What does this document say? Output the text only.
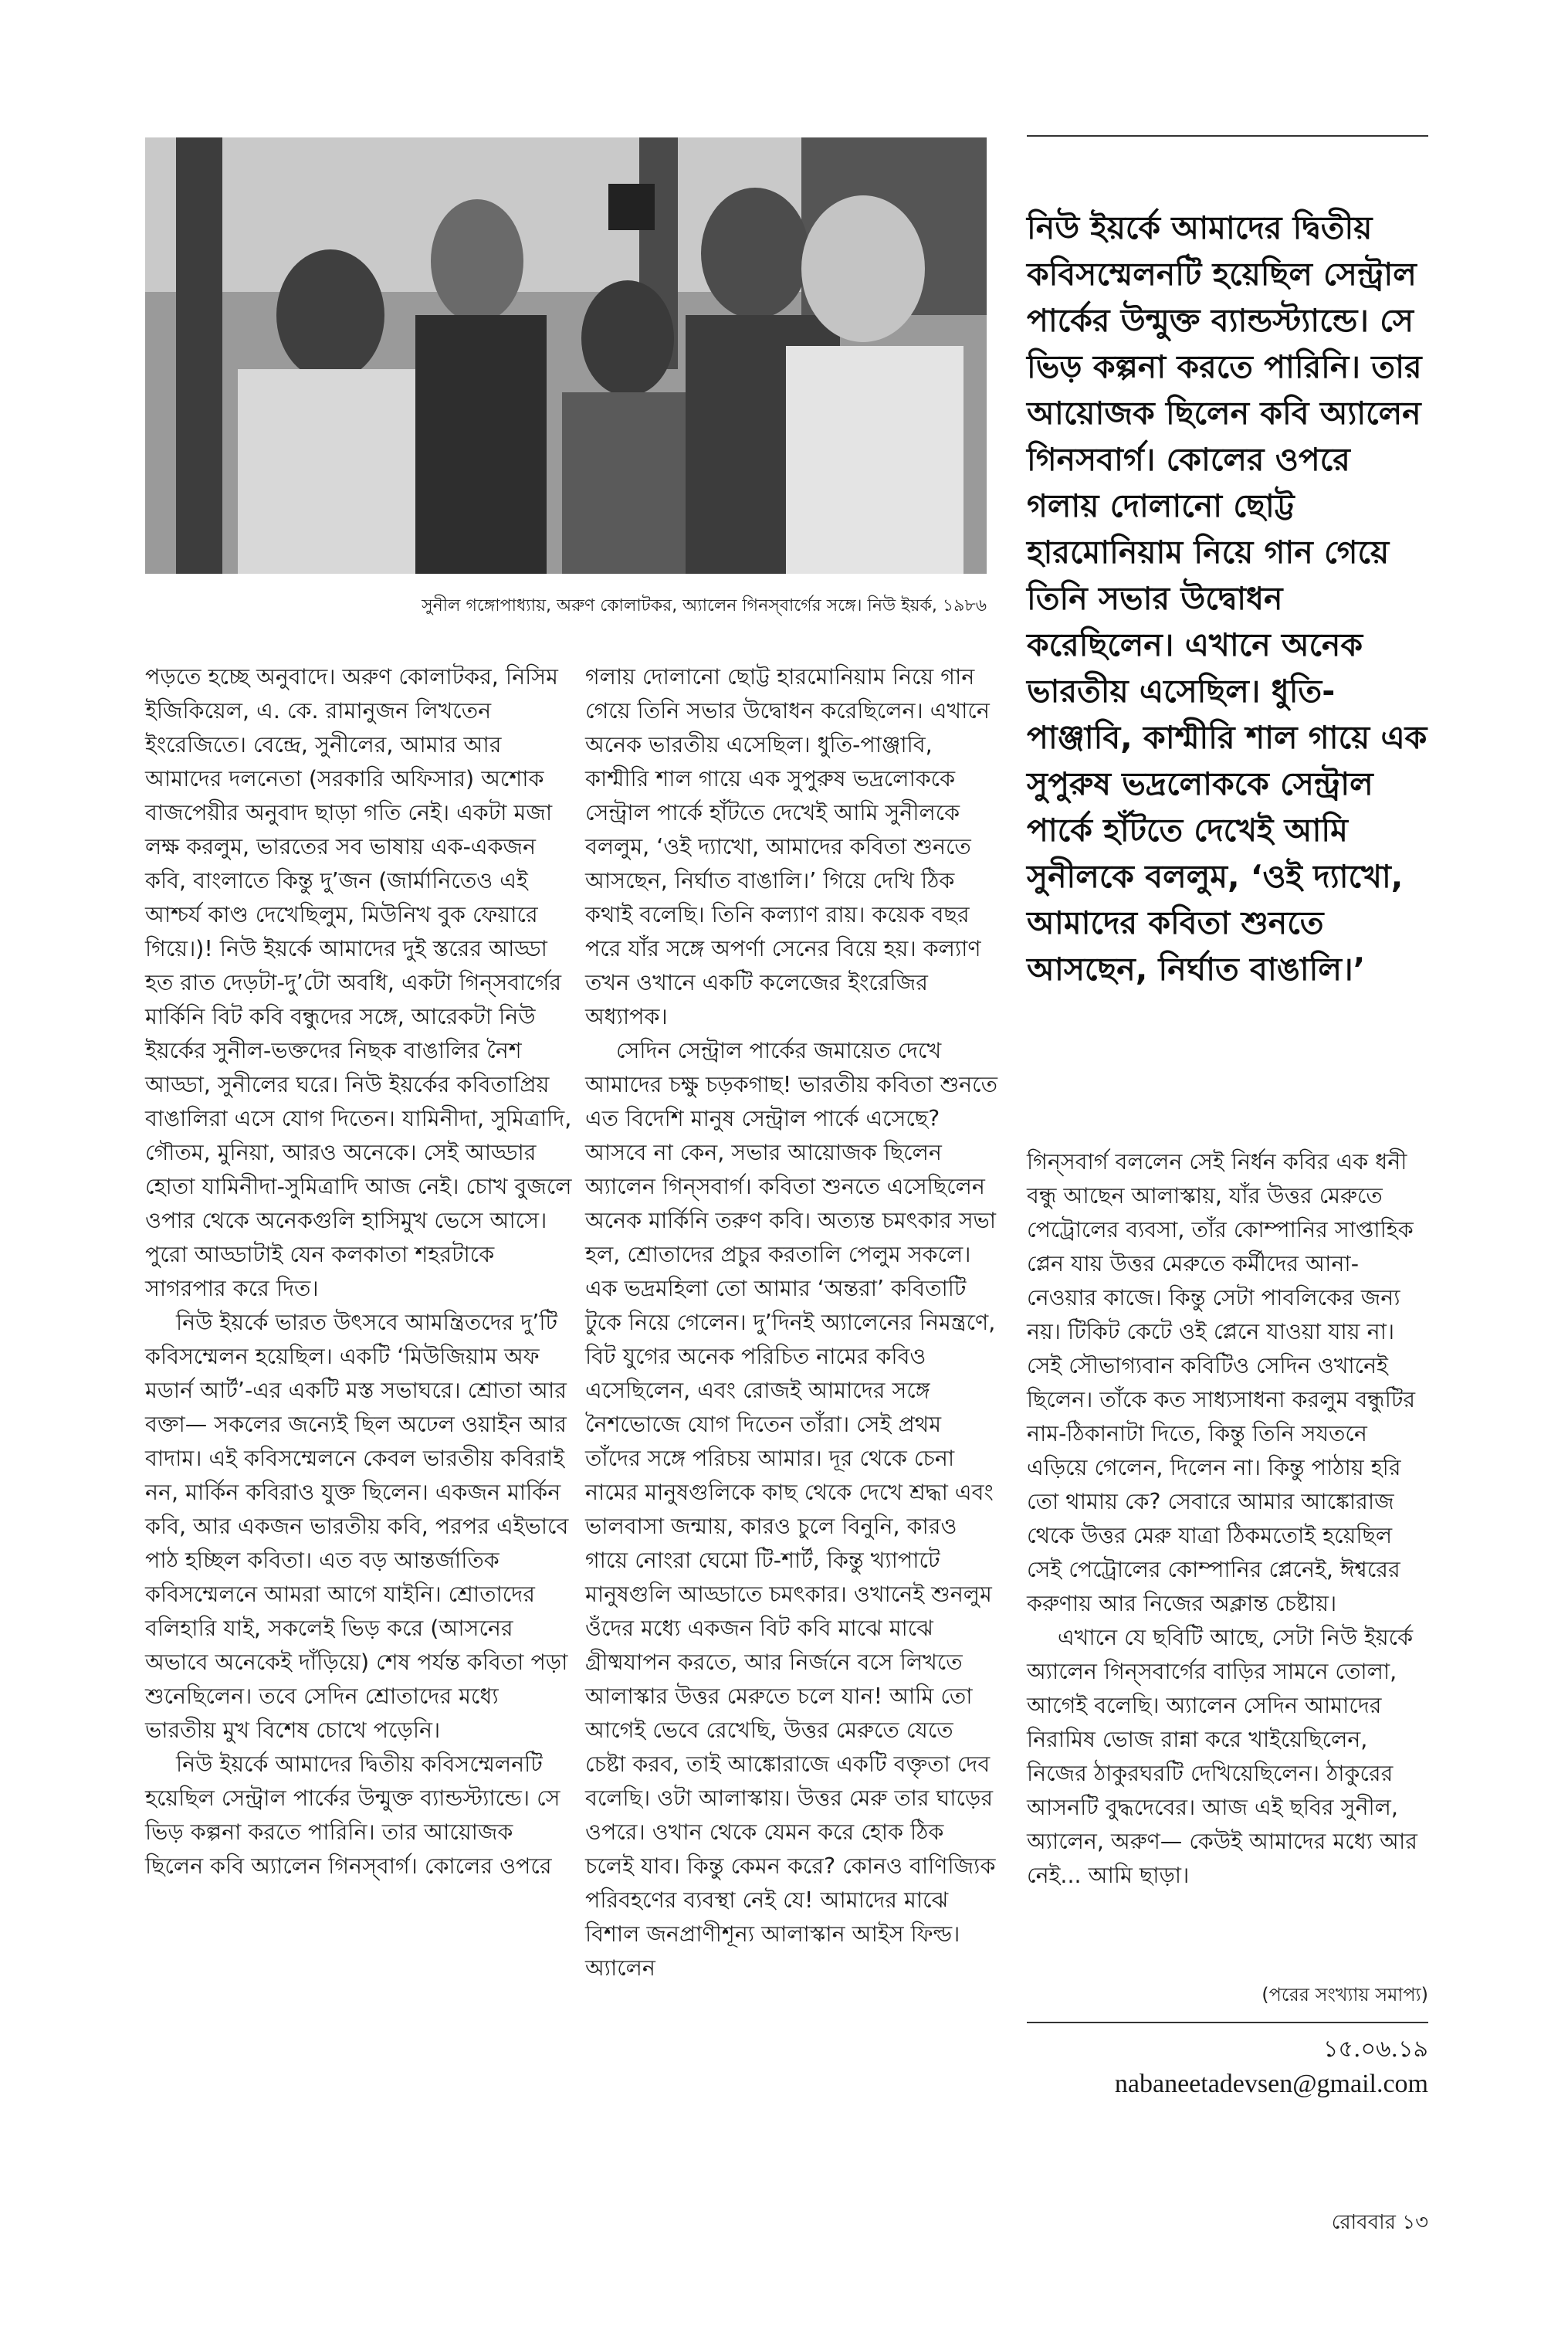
সুনীল গঙ্গোপাধ্যায়, অরুণ কোলাটকর, অ্যালেন গিনস্‌বার্গের সঙ্গে। নিউ ইয়র্ক, ১৯৮৬
নিউ ইয়র্কে আমাদের দ্বিতীয় কবিসম্মেলনটি হয়েছিল সেন্ট্রাল পার্কের উন্মুক্ত ব্যান্ডস্ট্যান্ডে। সে ভিড় কল্পনা করতে পারিনি। তার আয়োজক ছিলেন কবি অ্যালেন গিনসবার্গ। কোলের ওপরে গলায় দোলানো ছোট্ট হারমোনিয়াম নিয়ে গান গেয়ে তিনি সভার উদ্বোধন করেছিলেন। এখানে অনেক ভারতীয় এসেছিল। ধুতি-পাঞ্জাবি, কাশ্মীরি শাল গায়ে এক সুপুরুষ ভদ্রলোককে সেন্ট্রাল পার্কে হাঁটতে দেখেই আমি সুনীলকে বললুম, ‘ওই দ্যাখো, আমাদের কবিতা শুনতে আসছেন, নির্ঘাত বাঙালি।’

পড়তে হচ্ছে অনুবাদে। অরুণ কোলাটকর, নিসিম ইজিকিয়েল, এ. কে. রামানুজন লিখতেন ইংরেজিতে। বেন্দ্রে, সুনীলের, আমার আর আমাদের দলনেতা (সরকারি অফিসার) অশোক বাজপেয়ীর অনুবাদ ছাড়া গতি নেই। একটা মজা লক্ষ করলুম, ভারতের সব ভাষায় এক-একজন কবি, বাংলাতে কিন্তু দু’জন (জার্মানিতেও এই আশ্চর্য কাণ্ড দেখেছিলুম, মিউনিখ বুক ফেয়ারে গিয়ে।)! নিউ ইয়র্কে আমাদের দুই স্তরের আড্ডা হত রাত দেড়টা-দু’টো অবধি, একটা গিন্‌সবার্গের মার্কিনি বিট কবি বন্ধুদের সঙ্গে, আরেকটা নিউ ইয়র্কের সুনীল-ভক্তদের নিছক বাঙালির নৈশ আড্ডা, সুনীলের ঘরে। নিউ ইয়র্কের কবিতাপ্রিয় বাঙালিরা এসে যোগ দিতেন। যামিনীদা, সুমিত্রাদি, গৌতম, মুনিয়া, আরও অনেকে। সেই আড্ডার হোতা যামিনীদা-সুমিত্রাদি আজ নেই। চোখ বুজলে ওপার থেকে অনেকগুলি হাসিমুখ ভেসে আসে। পুরো আড্ডাটাই যেন কলকাতা শহরটাকে সাগরপার করে দিত।

নিউ ইয়র্কে ভারত উৎসবে আমন্ত্রিতদের দু’টি কবিসম্মেলন হয়েছিল। একটি ‘মিউজিয়াম অফ মডার্ন আর্ট’-এর একটি মস্ত সভাঘরে। শ্রোতা আর বক্তা— সকলের জন্যেই ছিল অঢেল ওয়াইন আর বাদাম। এই কবিসম্মেলনে কেবল ভারতীয় কবিরাই নন, মার্কিন কবিরাও যুক্ত ছিলেন। একজন মার্কিন কবি, আর একজন ভারতীয় কবি, পরপর এইভাবে পাঠ হচ্ছিল কবিতা। এত বড় আন্তর্জাতিক কবিসম্মেলনে আমরা আগে যাইনি। শ্রোতাদের বলিহারি যাই, সকলেই ভিড় করে (আসনের অভাবে অনেকেই দাঁড়িয়ে) শেষ পর্যন্ত কবিতা পড়া শুনেছিলেন। তবে সেদিন শ্রোতাদের মধ্যে ভারতীয় মুখ বিশেষ চোখে পড়েনি।

নিউ ইয়র্কে আমাদের দ্বিতীয় কবিসম্মেলনটি হয়েছিল সেন্ট্রাল পার্কের উন্মুক্ত ব্যান্ডস্ট্যান্ডে। সে ভিড় কল্পনা করতে পারিনি। তার আয়োজক ছিলেন কবি অ্যালেন গিনস্‌বার্গ। কোলের ওপরে

গলায় দোলানো ছোট্ট হারমোনিয়াম নিয়ে গান গেয়ে তিনি সভার উদ্বোধন করেছিলেন। এখানে অনেক ভারতীয় এসেছিল। ধুতি-পাঞ্জাবি, কাশ্মীরি শাল গায়ে এক সুপুরুষ ভদ্রলোককে সেন্ট্রাল পার্কে হাঁটতে দেখেই আমি সুনীলকে বললুম, ‘ওই দ্যাখো, আমাদের কবিতা শুনতে আসছেন, নির্ঘাত বাঙালি।’ গিয়ে দেখি ঠিক কথাই বলেছি। তিনি কল্যাণ রায়। কয়েক বছর পরে যাঁর সঙ্গে অপর্ণা সেনের বিয়ে হয়। কল্যাণ তখন ওখানে একটি কলেজের ইংরেজির অধ্যাপক।

সেদিন সেন্ট্রাল পার্কের জমায়েত দেখে আমাদের চক্ষু চড়কগাছ! ভারতীয় কবিতা শুনতে এত বিদেশি মানুষ সেন্ট্রাল পার্কে এসেছে? আসবে না কেন, সভার আয়োজক ছিলেন অ্যালেন গিন্‌সবার্গ। কবিতা শুনতে এসেছিলেন অনেক মার্কিনি তরুণ কবি। অত্যন্ত চমৎকার সভা হল, শ্রোতাদের প্রচুর করতালি পেলুম সকলে। এক ভদ্রমহিলা তো আমার ‘অন্তরা’ কবিতাটি টুকে নিয়ে গেলেন। দু’দিনই অ্যালেনের নিমন্ত্রণে, বিট যুগের অনেক পরিচিত নামের কবিও এসেছিলেন, এবং রোজই আমাদের সঙ্গে নৈশভোজে যোগ দিতেন তাঁরা। সেই প্রথম তাঁদের সঙ্গে পরিচয় আমার। দূর থেকে চেনা নামের মানুষগুলিকে কাছ থেকে দেখে শ্রদ্ধা এবং ভালবাসা জন্মায়, কারও চুলে বিনুনি, কারও গায়ে নোংরা ঘেমো টি-শার্ট, কিন্তু খ্যাপাটে মানুষগুলি আড্ডাতে চমৎকার। ওখানেই শুনলুম ওঁদের মধ্যে একজন বিট কবি মাঝে মাঝে গ্রীষ্মযাপন করতে, আর নির্জনে বসে লিখতে আলাস্কার উত্তর মেরুতে চলে যান! আমি তো আগেই ভেবে রেখেছি, উত্তর মেরুতে যেতে চেষ্টা করব, তাই আঙ্কোরাজে একটি বক্তৃতা দেব বলেছি। ওটা আলাস্কায়। উত্তর মেরু তার ঘাড়ের ওপরে। ওখান থেকে যেমন করে হোক ঠিক চলেই যাব। কিন্তু কেমন করে? কোনও বাণিজ্যিক পরিবহণের ব্যবস্থা নেই যে! আমাদের মাঝে বিশাল জনপ্রাণীশূন্য আলাস্কান আইস ফিল্ড। অ্যালেন

গিন্‌সবার্গ বললেন সেই নির্ধন কবির এক ধনী বন্ধু আছেন আলাস্কায়, যাঁর উত্তর মেরুতে পেট্রোলের ব্যবসা, তাঁর কোম্পানির সাপ্তাহিক প্লেন যায় উত্তর মেরুতে কর্মীদের আনা-নেওয়ার কাজে। কিন্তু সেটা পাবলিকের জন্য নয়। টিকিট কেটে ওই প্লেনে যাওয়া যায় না। সেই সৌভাগ্যবান কবিটিও সেদিন ওখানেই ছিলেন। তাঁকে কত সাধ্যসাধনা করলুম বন্ধুটির নাম-ঠিকানাটা দিতে, কিন্তু তিনি সযতনে এড়িয়ে গেলেন, দিলেন না। কিন্তু পাঠায় হরি তো থামায় কে? সেবারে আমার আঙ্কোরাজ থেকে উত্তর মেরু যাত্রা ঠিকমতোই হয়েছিল সেই পেট্রোলের কোম্পানির প্লেনেই, ঈশ্বরের করুণায় আর নিজের অক্লান্ত চেষ্টায়।

এখানে যে ছবিটি আছে, সেটা নিউ ইয়র্কে অ্যালেন গিন্‌সবার্গের বাড়ির সামনে তোলা, আগেই বলেছি। অ্যালেন সেদিন আমাদের নিরামিষ ভোজ রান্না করে খাইয়েছিলেন, নিজের ঠাকুরঘরটি দেখিয়েছিলেন। ঠাকুরের আসনটি বুদ্ধদেবের। আজ এই ছবির সুনীল, অ্যালেন, অরুণ— কেউই আমাদের মধ্যে আর নেই... আমি ছাড়া।

(পরের সংখ্যায় সমাপ্য)
১৫.০৬.১৯
nabaneetadevsen@gmail.com
রোববার ১৩
